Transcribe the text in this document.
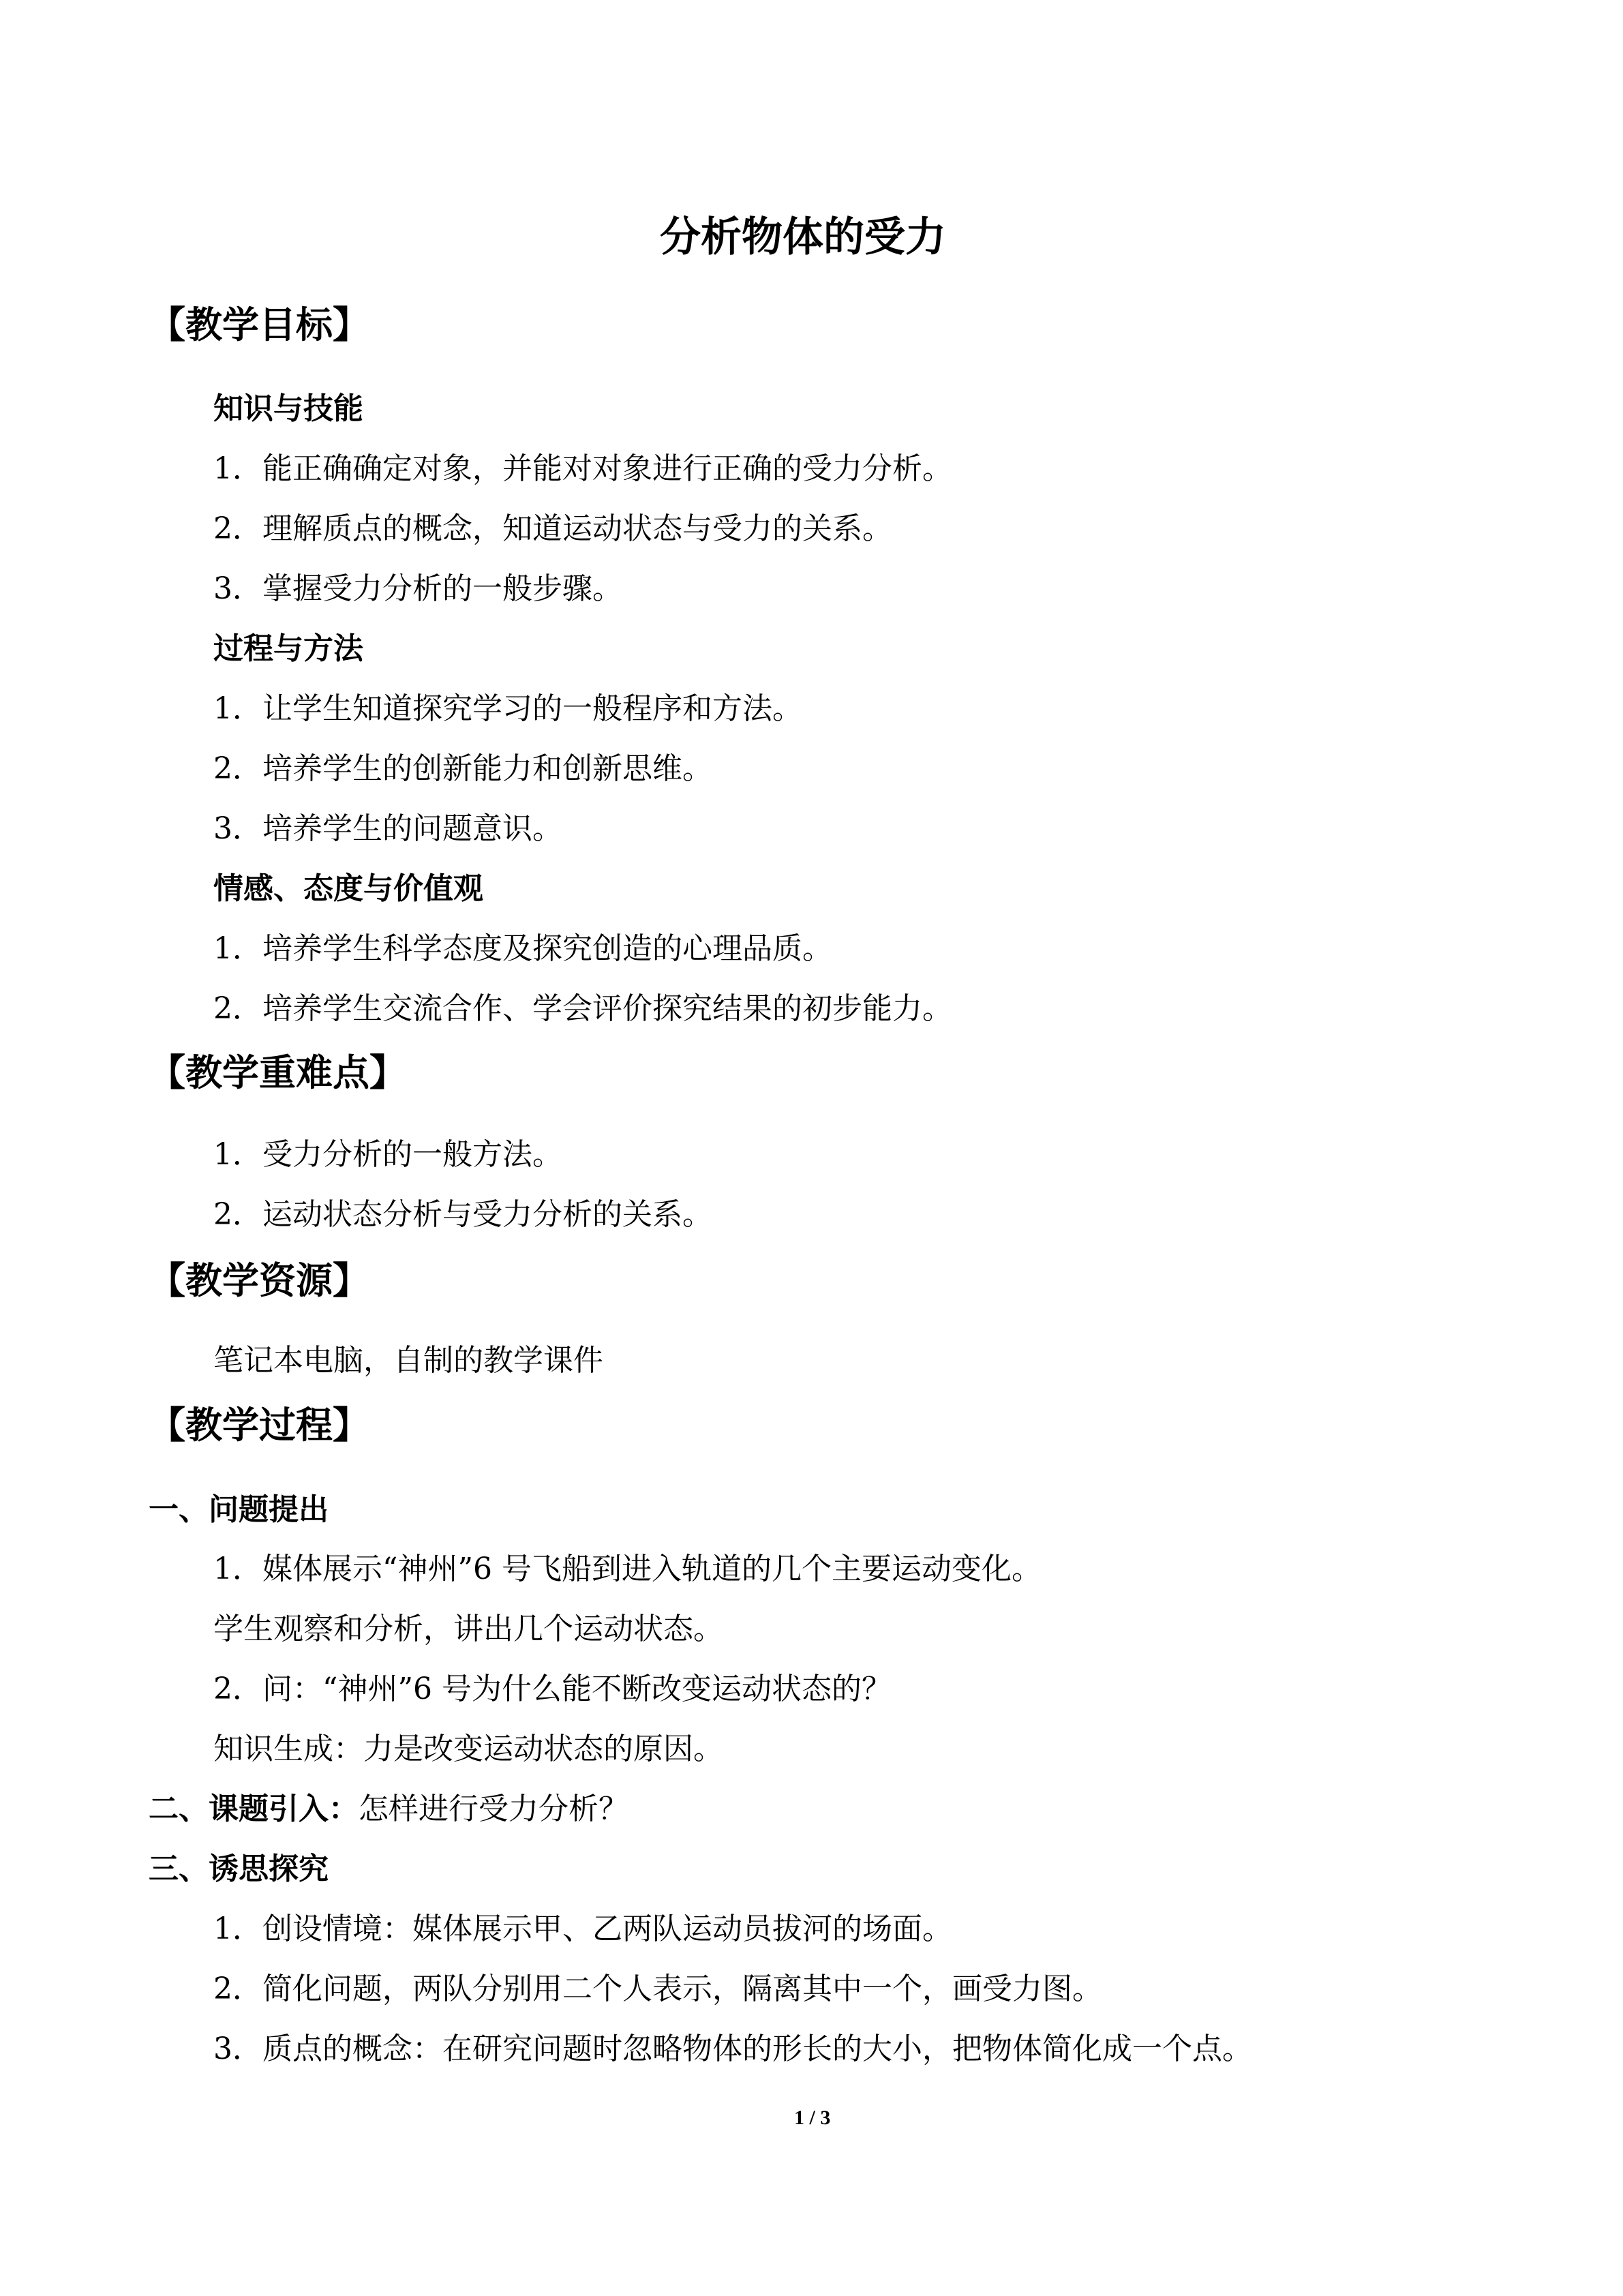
分析物体的受力
【教学目标】
知识与技能
1．能正确确定对象，并能对对象进行正确的受力分析。
2．理解质点的概念，知道运动状态与受力的关系。
3．掌握受力分析的一般步骤。
过程与方法
1．让学生知道探究学习的一般程序和方法。
2．培养学生的创新能力和创新思维。
3．培养学生的问题意识。
情感、态度与价值观
1．培养学生科学态度及探究创造的心理品质。
2．培养学生交流合作、学会评价探究结果的初步能力。
【教学重难点】
1．受力分析的一般方法。
2．运动状态分析与受力分析的关系。
【教学资源】
笔记本电脑，自制的教学课件
【教学过程】
一、问题提出
1．媒体展示“神州”6 号飞船到进入轨道的几个主要运动变化。
学生观察和分析，讲出几个运动状态。
2．问：“神州”6 号为什么能不断改变运动状态的？
知识生成：力是改变运动状态的原因。
二、课题引入：怎样进行受力分析？
三、诱思探究
1．创设情境：媒体展示甲、乙两队运动员拔河的场面。
2．简化问题，两队分别用二个人表示，隔离其中一个，画受力图。
3．质点的概念：在研究问题时忽略物体的形长的大小，把物体简化成一个点。
1 / 3
